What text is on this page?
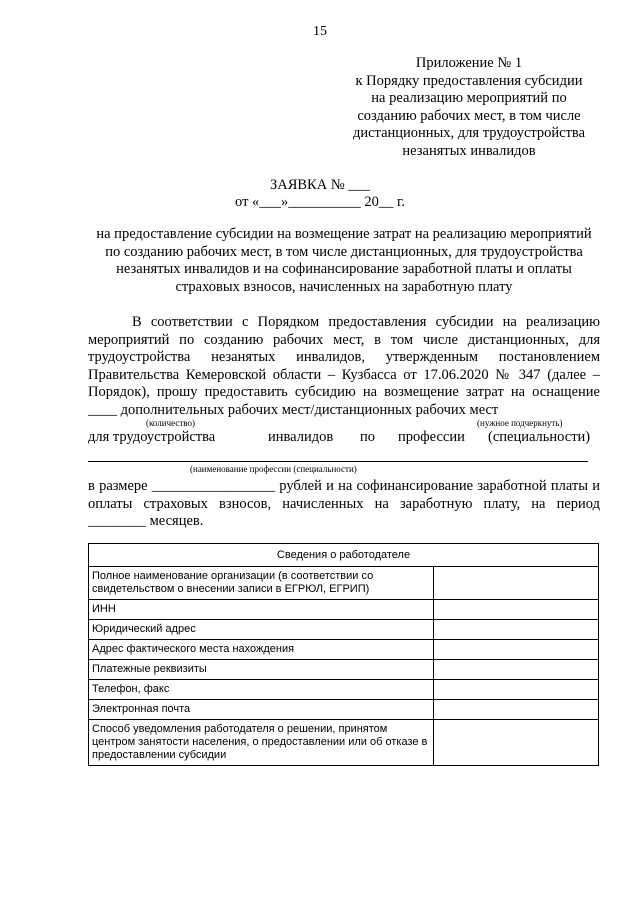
15
Приложение № 1
к Порядку предоставления субсидии
на реализацию мероприятий по
созданию рабочих мест, в том числе
дистанционных, для трудоустройства
незанятых инвалидов
ЗАЯВКА № ___
от «___»__________ 20__ г.
на предоставление субсидии на возмещение затрат на реализацию мероприятий по созданию рабочих мест, в том числе дистанционных, для трудоустройства незанятых инвалидов и на софинансирование заработной платы и оплаты страховых взносов, начисленных на заработную плату
В соответствии с Порядком предоставления субсидии на реализацию мероприятий по созданию рабочих мест, в том числе дистанционных, для трудоустройства незанятых инвалидов, утвержденным постановлением Правительства Кемеровской области – Кузбасса от 17.06.2020 № 347 (далее – Порядок), прошу предоставить субсидию на возмещение затрат на оснащение ____ дополнительных рабочих мест/дистанционных рабочих мест
(количество)	(нужное подчеркнуть)
для трудоустройства	инвалидов по профессии (специальности)
(наименование профессии (специальности)
в размере _________________ рублей и на софинансирование заработной платы и оплаты страховых взносов, начисленных на заработную плату, на период ________ месяцев.
Сведения о работодателе	
Полное наименование организации (в соответствии со свидетельством о внесении записи в ЕГРЮЛ, ЕГРИП)	
ИНН	
Юридический адрес	
Адрес фактического места нахождения	
Платежные реквизиты	
Телефон, факс	
Электронная почта	
Способ уведомления работодателя о решении, принятом центром занятости населения, о предоставлении или об отказе в предоставлении субсидии	
